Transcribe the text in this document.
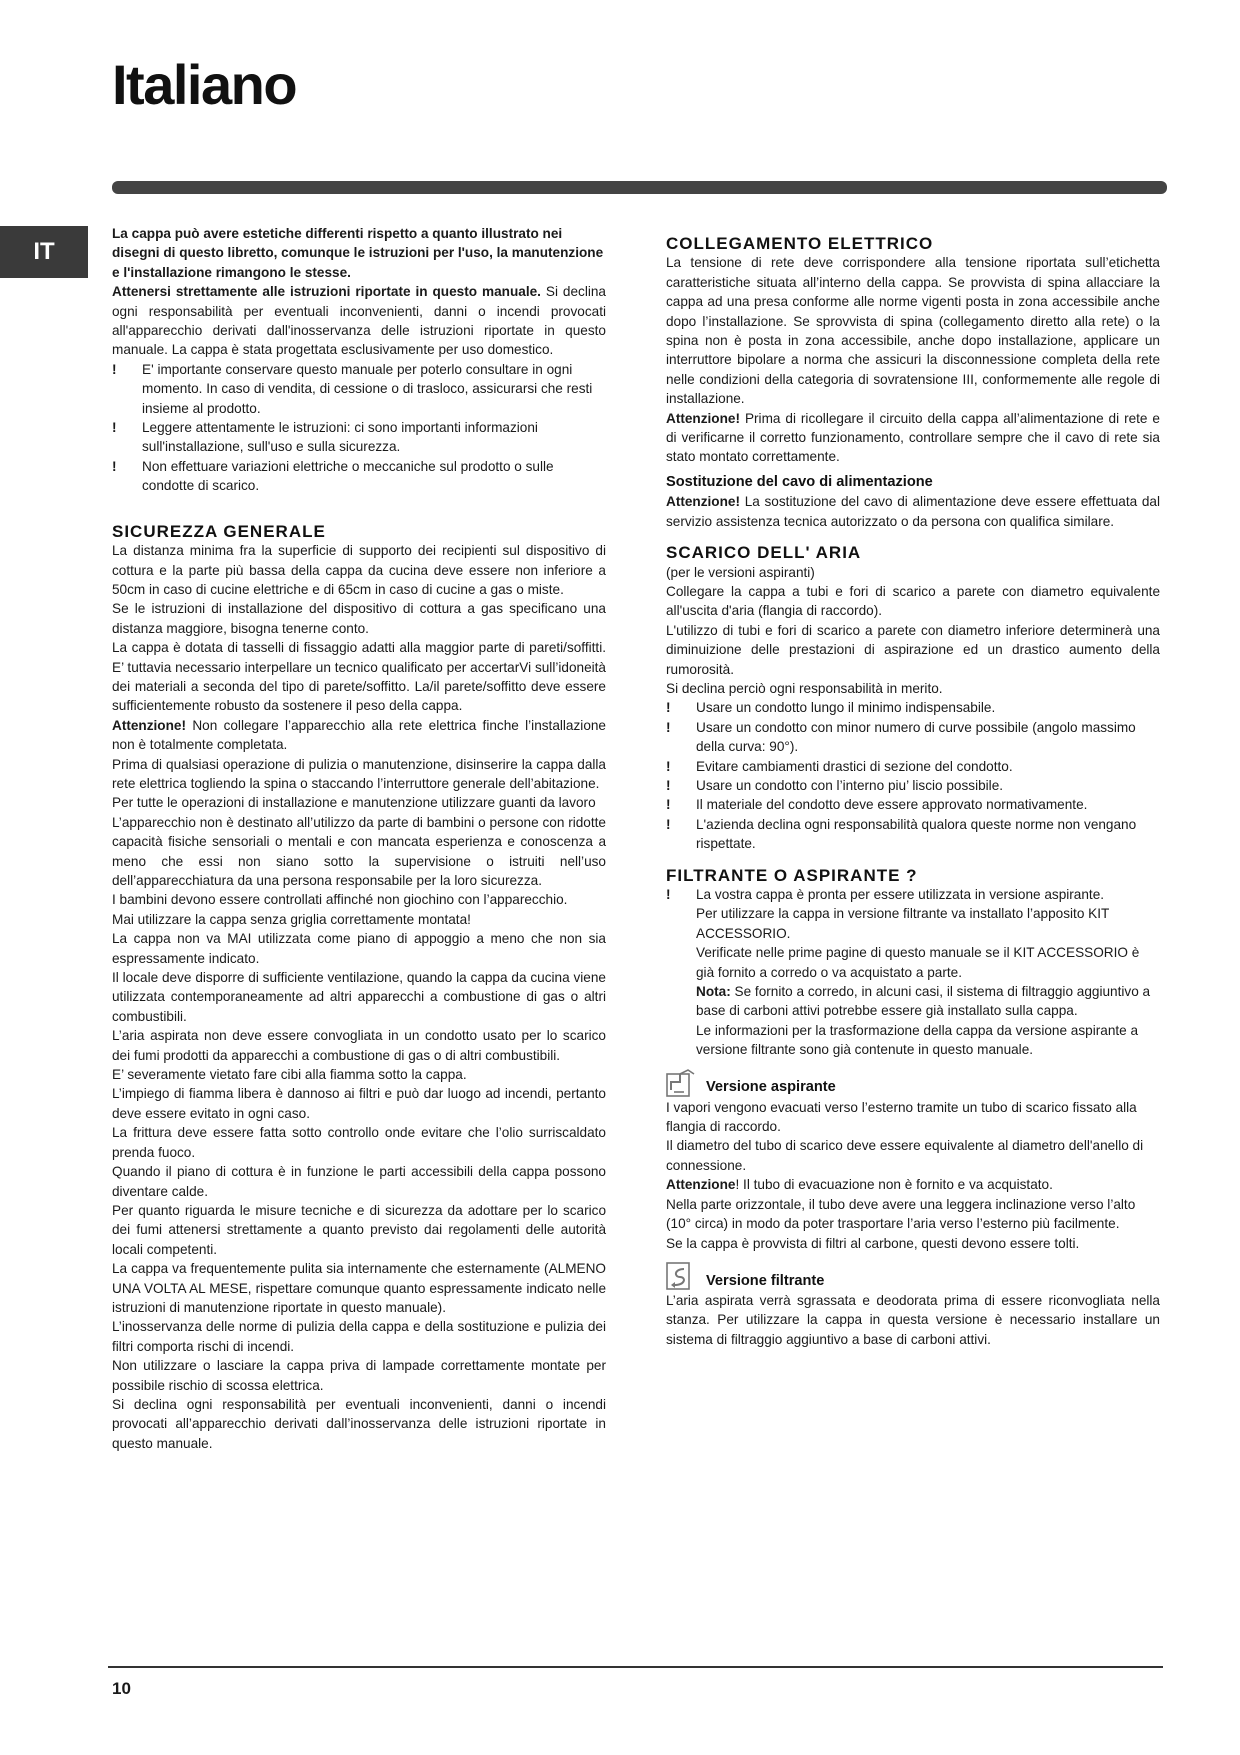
Italiano
IT

La cappa può avere estetiche differenti rispetto a quanto illustrato nei disegni di questo libretto, comunque le istruzioni per l'uso, la manutenzione e l'installazione rimangono le stesse.

Attenersi strettamente alle istruzioni riportate in questo manuale. Si declina ogni responsabilità per eventuali inconvenienti, danni o incendi provocati all'apparecchio derivati dall'inosservanza delle istruzioni riportate in questo manuale. La cappa è stata progettata esclusivamente per uso domestico.

!	E' importante conservare questo manuale per poterlo consultare in ogni momento. In caso di vendita, di cessione o di trasloco, assicurarsi che resti insieme al prodotto.

!	Leggere attentamente le istruzioni: ci sono importanti informazioni sull'installazione, sull'uso e sulla sicurezza.

!	Non effettuare variazioni elettriche o meccaniche sul prodotto o sulle condotte di scarico.

SICUREZZA GENERALE

La distanza minima fra la superficie di supporto dei recipienti sul dispositivo di cottura e la parte più bassa della cappa da cucina deve essere non inferiore a 50cm in caso di cucine elettriche e di 65cm in caso di cucine a gas o miste.

Se le istruzioni di installazione del dispositivo di cottura a gas specificano una distanza maggiore, bisogna tenerne conto.

La cappa è dotata di tasselli di fissaggio adatti alla maggior parte di pareti/soffitti. E’ tuttavia necessario interpellare un tecnico qualificato per accertarVi sull’idoneità dei materiali a seconda del tipo di parete/soffitto. La/il parete/soffitto deve essere sufficientemente robusto da sostenere il peso della cappa.

Attenzione! Non collegare l’apparecchio alla rete elettrica finche l’installazione non è totalmente completata.

Prima di qualsiasi operazione di pulizia o manutenzione, disinserire la cappa dalla rete elettrica togliendo la spina o staccando l’interruttore generale dell’abitazione.

Per tutte le operazioni di installazione e manutenzione utilizzare guanti da lavoro

L’apparecchio non è destinato all’utilizzo da parte di bambini o persone con ridotte capacità fisiche sensoriali o mentali e con mancata esperienza e conoscenza a meno che essi non siano sotto la supervisione o istruiti nell’uso dell’apparecchiatura da una persona responsabile per la loro sicurezza.

I bambini devono essere controllati affinché non giochino con l’apparecchio.

Mai utilizzare la cappa senza griglia correttamente montata!

La cappa non va MAI utilizzata come piano di appoggio a meno che non sia espressamente indicato.

Il locale deve disporre di sufficiente ventilazione, quando la cappa da cucina viene utilizzata contemporaneamente ad altri apparecchi a combustione di gas o altri combustibili.

L’aria aspirata non deve essere convogliata in un condotto usato per lo scarico dei fumi prodotti da apparecchi a combustione di gas o di altri combustibili.

E’ severamente vietato fare cibi alla fiamma sotto la cappa.

L’impiego di fiamma libera è dannoso ai filtri e può dar luogo ad incendi, pertanto deve essere evitato in ogni caso.

La frittura deve essere fatta sotto controllo onde evitare che l’olio surriscaldato prenda fuoco.

Quando il piano di cottura è in funzione le parti accessibili della cappa possono diventare calde.

Per quanto riguarda le misure tecniche e di sicurezza da adottare per lo scarico dei fumi attenersi strettamente a quanto previsto dai regolamenti delle autorità locali competenti.

La cappa va frequentemente pulita sia internamente che esternamente (ALMENO UNA VOLTA AL MESE, rispettare comunque quanto espressamente indicato nelle istruzioni di manutenzione riportate in questo manuale).

L’inosservanza delle norme di pulizia della cappa e della sostituzione e pulizia dei filtri comporta rischi di incendi.

Non utilizzare o lasciare la cappa priva di lampade correttamente montate per possibile rischio di scossa elettrica.

Si declina ogni responsabilità per eventuali inconvenienti, danni o incendi provocati all’apparecchio derivati dall’inosservanza delle istruzioni riportate in questo manuale.

COLLEGAMENTO ELETTRICO

La tensione di rete deve corrispondere alla tensione riportata sull’etichetta caratteristiche situata all’interno della cappa. Se provvista di spina allacciare la cappa ad una presa conforme alle norme vigenti posta in zona accessibile anche dopo l’installazione. Se sprovvista di spina (collegamento diretto alla rete) o la spina non è posta in zona accessibile, anche dopo installazione, applicare un interruttore bipolare a norma che assicuri la disconnessione completa della rete nelle condizioni della categoria di sovratensione III, conformemente alle regole di installazione.

Attenzione! Prima di ricollegare il circuito della cappa all’alimentazione di rete e di verificarne il corretto funzionamento, controllare sempre che il cavo di rete sia stato montato correttamente.

Sostituzione del cavo di alimentazione

Attenzione! La sostituzione del cavo di alimentazione deve essere effettuata dal servizio assistenza tecnica autorizzato o da persona con qualifica similare.

SCARICO DELL' ARIA

(per le versioni aspiranti)

Collegare la cappa a tubi e fori di scarico a parete con diametro equivalente all'uscita d'aria (flangia di raccordo).

L'utilizzo di tubi e fori di scarico a parete con diametro inferiore determinerà una diminuizione delle prestazioni di aspirazione ed un drastico aumento della rumorosità.

Si declina perciò ogni responsabilità in merito.

!	Usare un condotto lungo il minimo indispensabile.

!	Usare un condotto con minor numero di curve possibile (angolo massimo della curva: 90°).

!	Evitare cambiamenti drastici di sezione del condotto.

!	Usare un condotto con l’interno piu’ liscio possibile.

!	Il materiale del condotto deve essere approvato normativamente.

!	L'azienda declina ogni responsabilità qualora queste norme non vengano rispettate.

FILTRANTE O ASPIRANTE ?
!	La vostra cappa è pronta per essere utilizzata in versione aspirante.

Per utilizzare la cappa in versione filtrante va installato l’apposito KIT ACCESSORIO.

Verificate nelle prime pagine di questo manuale se il KIT ACCESSORIO è già fornito a corredo o va acquistato a parte.

Nota: Se fornito a corredo, in alcuni casi, il sistema di filtraggio aggiuntivo a base di carboni attivi potrebbe essere già installato sulla cappa.

Le informazioni per la trasformazione della cappa da versione aspirante a versione filtrante sono già contenute in questo manuale.

Versione aspirante

I vapori vengono evacuati verso l’esterno tramite un tubo di scarico fissato alla flangia di raccordo.

Il diametro del tubo di scarico deve essere equivalente al diametro dell'anello di connessione.

Attenzione! Il tubo di evacuazione non è fornito e va acquistato.

Nella parte orizzontale, il tubo deve avere una leggera inclinazione verso l’alto (10° circa) in modo da poter trasportare l’aria verso l’esterno più facilmente.

Se la cappa è provvista di filtri al carbone, questi devono essere tolti.

Versione filtrante

L’aria aspirata verrà sgrassata e deodorata prima di essere riconvogliata nella stanza. Per utilizzare la cappa in questa versione è necessario installare un sistema di filtraggio aggiuntivo a base di carboni attivi.

10
